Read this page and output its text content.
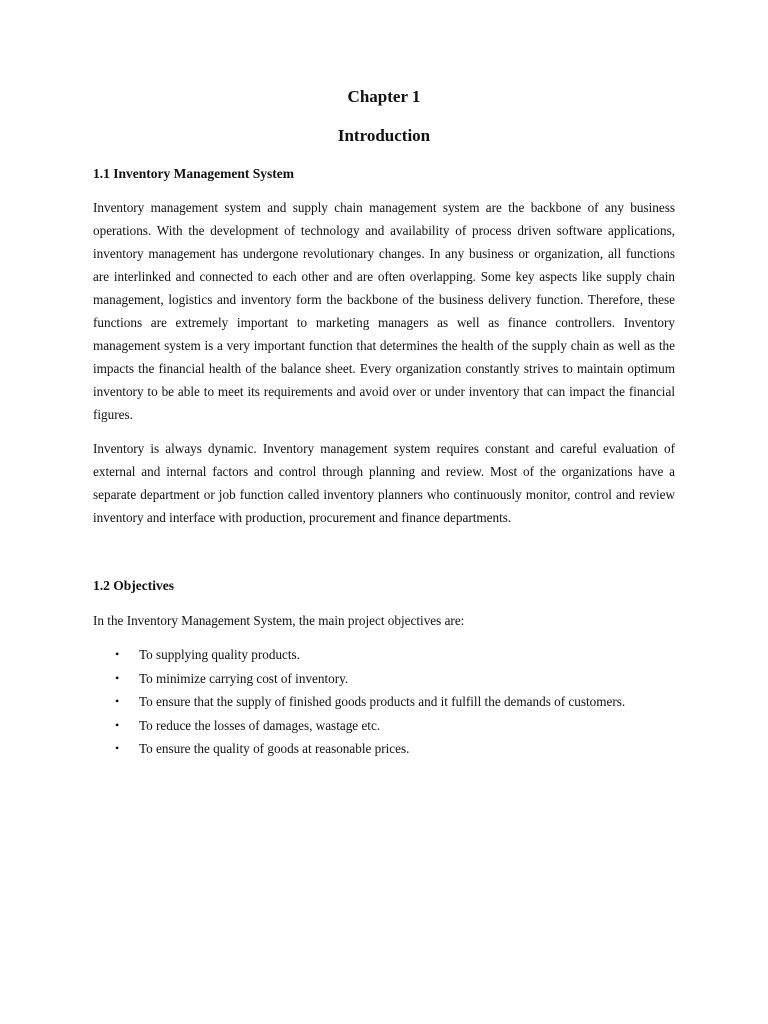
Chapter 1
Introduction
1.1 Inventory Management System

Inventory management system and supply chain management system are the backbone of any business operations. With the development of technology and availability of process driven software applications, inventory management has undergone revolutionary changes. In any business or organization, all functions are interlinked and connected to each other and are often overlapping. Some key aspects like supply chain management, logistics and inventory form the backbone of the business delivery function. Therefore, these functions are extremely important to marketing managers as well as finance controllers. Inventory management system is a very important function that determines the health of the supply chain as well as the impacts the financial health of the balance sheet. Every organization constantly strives to maintain optimum inventory to be able to meet its requirements and avoid over or under inventory that can impact the financial figures.

Inventory is always dynamic. Inventory management system requires constant and careful evaluation of external and internal factors and control through planning and review. Most of the organizations have a separate department or job function called inventory planners who continuously monitor, control and review inventory and interface with production, procurement and finance departments.

1.2 Objectives

In the Inventory Management System, the main project objectives are:

• To supplying quality products.
• To minimize carrying cost of inventory.
• To ensure that the supply of finished goods products and it fulfill the demands of customers.
• To reduce the losses of damages, wastage etc.
• To ensure the quality of goods at reasonable prices.
